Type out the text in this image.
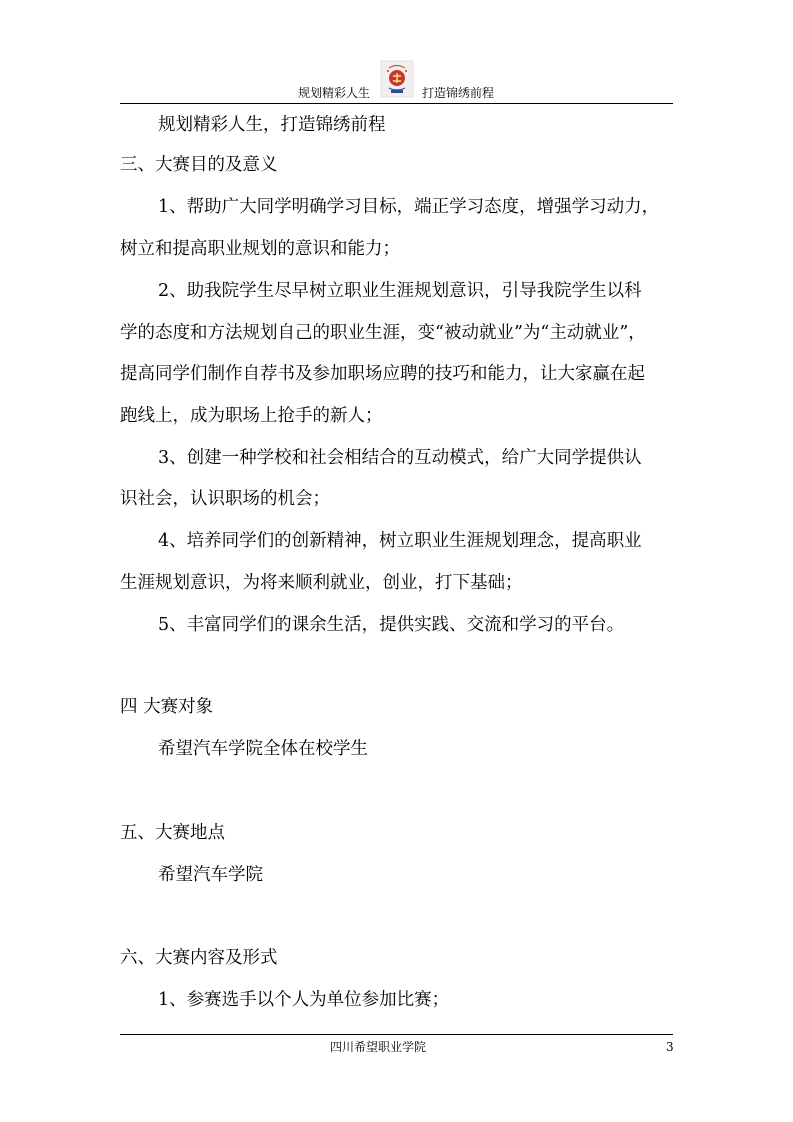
规划精彩人生	打造锦绣前程
规划精彩人生，打造锦绣前程
三、大赛目的及意义
1、帮助广大同学明确学习目标，端正学习态度，增强学习动力，
树立和提高职业规划的意识和能力；
2、助我院学生尽早树立职业生涯规划意识，引导我院学生以科
学的态度和方法规划自己的职业生涯，变“被动就业”为“主动就业”，
提高同学们制作自荐书及参加职场应聘的技巧和能力，让大家赢在起
跑线上，成为职场上抢手的新人；
3、创建一种学校和社会相结合的互动模式，给广大同学提供认
识社会，认识职场的机会；
4、培养同学们的创新精神，树立职业生涯规划理念，提高职业
生涯规划意识，为将来顺利就业，创业，打下基础；
5、丰富同学们的课余生活，提供实践、交流和学习的平台。
四 大赛对象
希望汽车学院全体在校学生
五、大赛地点
希望汽车学院
六、大赛内容及形式
1、参赛选手以个人为单位参加比赛；
四川希望职业学院	3
